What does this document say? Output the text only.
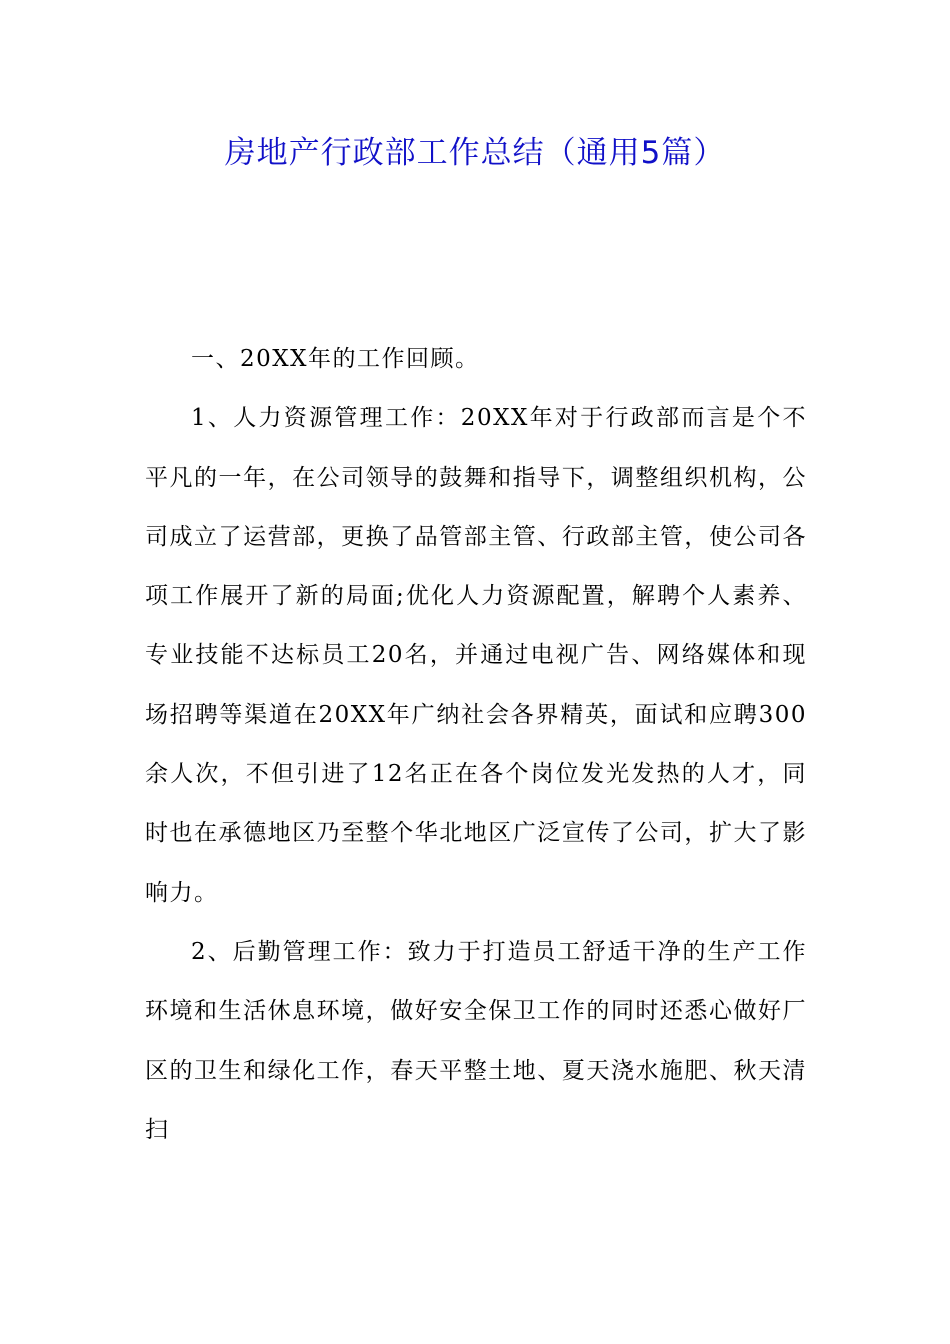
房地产行政部工作总结（通用5篇）

一、20XX年的工作回顾。

1、人力资源管理工作：20XX年对于行政部而言是个不平凡的一年，在公司领导的鼓舞和指导下，调整组织机构，公司成立了运营部，更换了品管部主管、行政部主管，使公司各项工作展开了新的局面;优化人力资源配置，解聘个人素养、专业技能不达标员工20名，并通过电视广告、网络媒体和现场招聘等渠道在20XX年广纳社会各界精英，面试和应聘300余人次，不但引进了12名正在各个岗位发光发热的人才，同时也在承德地区乃至整个华北地区广泛宣传了公司，扩大了影响力。

2、后勤管理工作：致力于打造员工舒适干净的生产工作环境和生活休息环境，做好安全保卫工作的同时还悉心做好厂区的卫生和绿化工作，春天平整土地、夏天浇水施肥、秋天清扫
